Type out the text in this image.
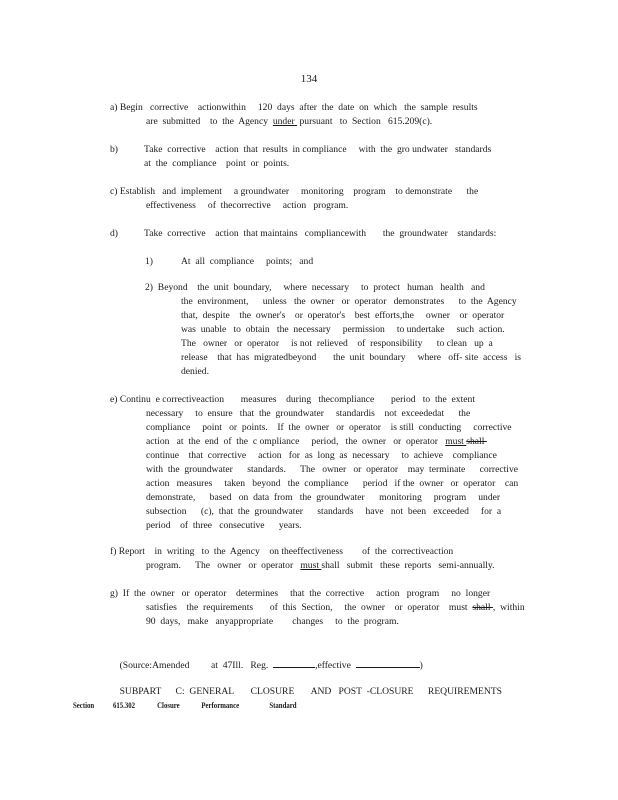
134
a) Begin   corrective    actionwithin     120  days  after  the  date  on  which   the  sample  results
are  submitted    to  the  Agency  under  pursuant   to  Section   615.209(c).
b)	Take  corrective    action  that  results  in compliance     with  the  gro undwater   standards
at  the  compliance    point  or  points.
c) Establish   and  implement     a groundwater     monitoring    program    to demonstrate      the
effectiveness     of  thecorrective     action   program.
d)	Take  corrective    action  that maintains   compliancewith       the  groundwater    standards:
1)	At  all  compliance     points;   and
2)  Beyond    the  unit  boundary,     where  necessary     to  protect   human   health   and
the  environment,      unless   the  owner   or  operator   demonstrates      to  the  Agency
that,  despite    the  owner's    or  operator's    best  efforts,the     owner    or  operator
was  unable   to  obtain   the  necessary     permission     to undertake     such  action.
The   owner   or  operator     is not  relieved    of  responsibility      to clean   up  a
release    that  has  migratedbeyond       the  unit  boundary     where   off- site  access   is
denied.
e) Continu  e correctiveaction       measures    during   thecompliance       period   to  the  extent
necessary     to  ensure   that  the  groundwater     standardis    not  exceededat      the
compliance     point   or  points.    If  the  owner   or  operator    is still  conducting     corrective
action   at  the  end  of  the  c ompliance     period,   the  owner   or  operator   must shall
continue    that  corrective     action   for  as  long  as  necessary     to  achieve    compliance
with  the  groundwater      standards.      The   owner   or  operator    may  terminate      corrective
action   measures     taken   beyond   the  compliance      period   if the  owner   or  operator    can
demonstrate,      based   on  data  from   the  groundwater      monitoring     program     under
subsection      (c),  that  the  groundwater      standards     have   not  been   exceeded     for  a
period    of  three   consecutive      years.
f) Report    in  writing   to  the  Agency    on theeffectiveness        of  the  correctiveaction
program.      The   owner   or  operator   must shall   submit   these  reports   semi-annually.
g)  If  the  owner   or  operator    determines     that  the  corrective     action   program     no  longer
satisfies    the  requirements       of  this  Section,     the  owner    or  operator    must  shall ,  within
90  days,   make   anyappropriate        changes     to  the  program.

(Source:Amended         at  47Ill.   Reg.	,effective	)

SUBPART      C:  GENERAL       CLOSURE       AND   POST  -CLOSURE      REQUIREMENTS

Section 615.302	Closure	Performance	Standard
